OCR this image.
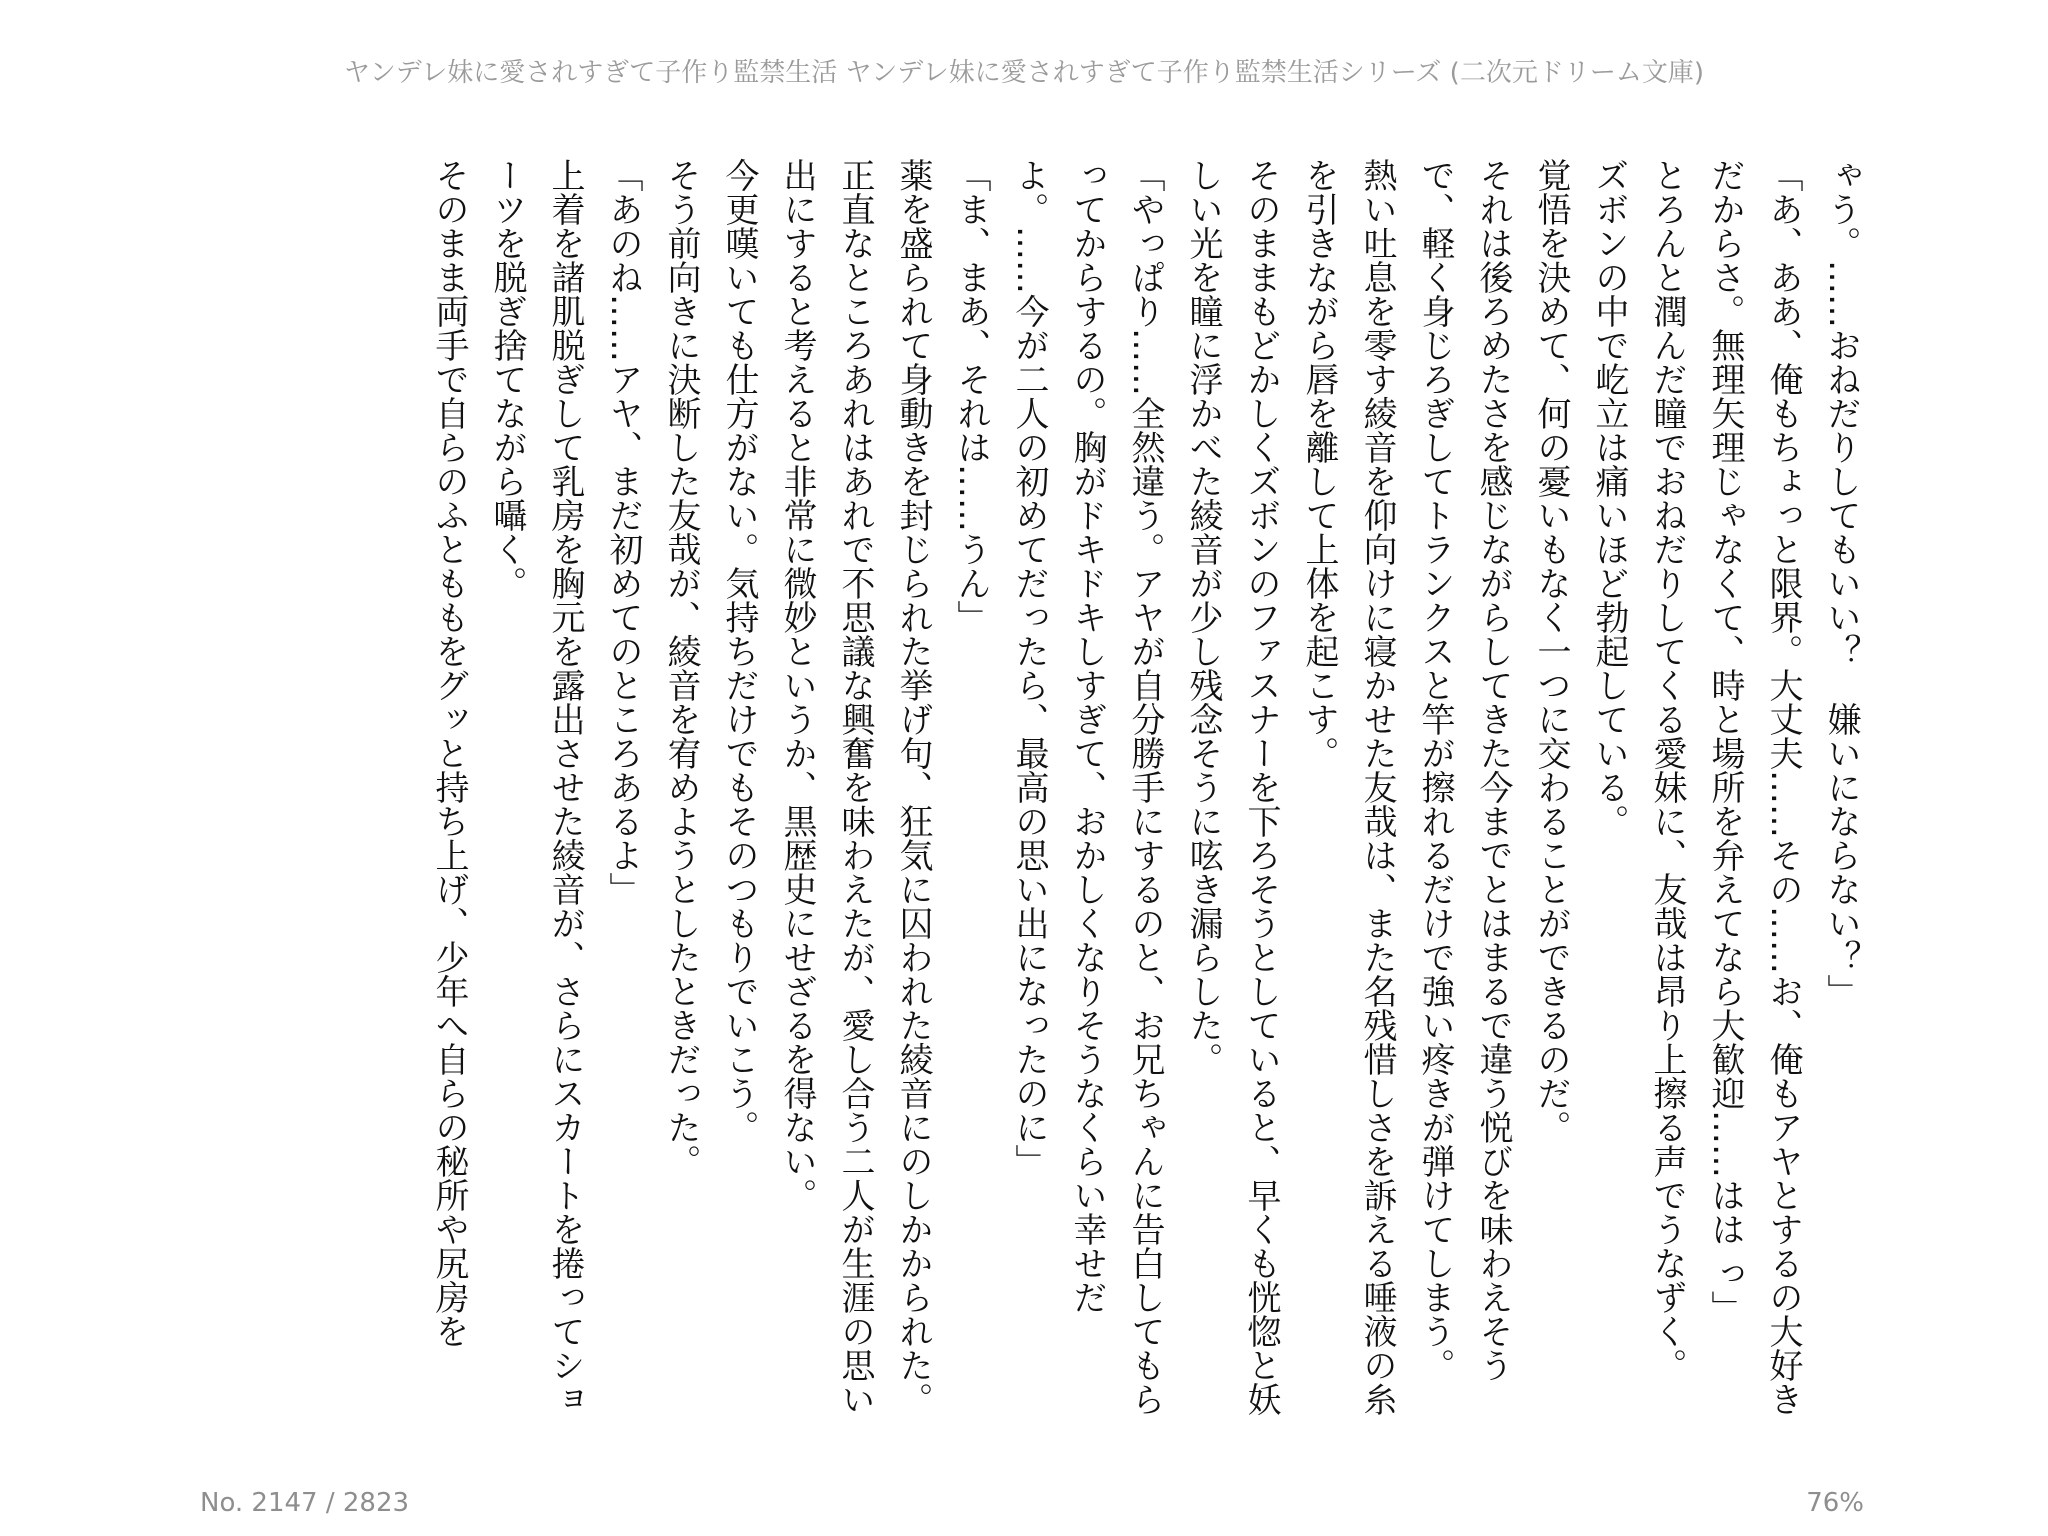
ヤンデレ妹に愛されすぎて子作り監禁生活 ヤンデレ妹に愛されすぎて子作り監禁生活シリーズ (二次元ドリーム文庫)

ゃう。……おねだりしてもいい？　嫌いにならない？」

「あ、ああ、俺もちょっと限界。大丈夫……その……お、俺もアヤとするの大好きだからさ。無理矢理じゃなくて、時と場所を弁えてなら大歓迎……はは っ」

とろんと潤んだ瞳でおねだりしてくる愛妹に、友哉は昂り上擦る声でうなずく。

ズボンの中で屹立は痛いほど勃起している。

覚悟を決めて、何の憂いもなく一つに交わることができるのだ。

それは後ろめたさを感じながらしてきた今までとはまるで違う悦びを味わえそうで、軽く身じろぎしてトランクスと竿が擦れるだけで強い疼きが弾けてしまう。

熱い吐息を零す綾音を仰向けに寝かせた友哉は、また名残惜しさを訴える唾液の糸を引きながら唇を離して上体を起こす。

そのままもどかしくズボンのファスナーを下ろそうとしていると、早くも恍惚と妖しい光を瞳に浮かべた綾音が少し残念そうに呟き漏らした。

「やっぱり……全然違う。アヤが自分勝手にするのと、お兄ちゃんに告白してもらってからするの。胸がドキドキしすぎて、おかしくなりそうなくらい幸せだよ。……今が二人の初めてだったら、最高の思い出になったのに」

「ま、まあ、それは……うん」

薬を盛られて身動きを封じられた挙げ句、狂気に囚われた綾音にのしかかられた。

正直なところあれはあれで不思議な興奮を味わえたが、愛し合う二人が生涯の思い出にすると考えると非常に微妙というか、黒歴史にせざるを得ない。

今更嘆いても仕方がない。気持ちだけでもそのつもりでいこう。

そう前向きに決断した友哉が、綾音を宥めようとしたときだった。

「あのね……アヤ、まだ初めてのところあるよ」

上着を諸肌脱ぎして乳房を胸元を露出させた綾音が、さらにスカートを捲ってショーツを脱ぎ捨てながら囁く。

そのまま両手で自らのふとももをグッと持ち上げ、少年へ自らの秘所や尻房を

No. 2147 / 2823	76%
